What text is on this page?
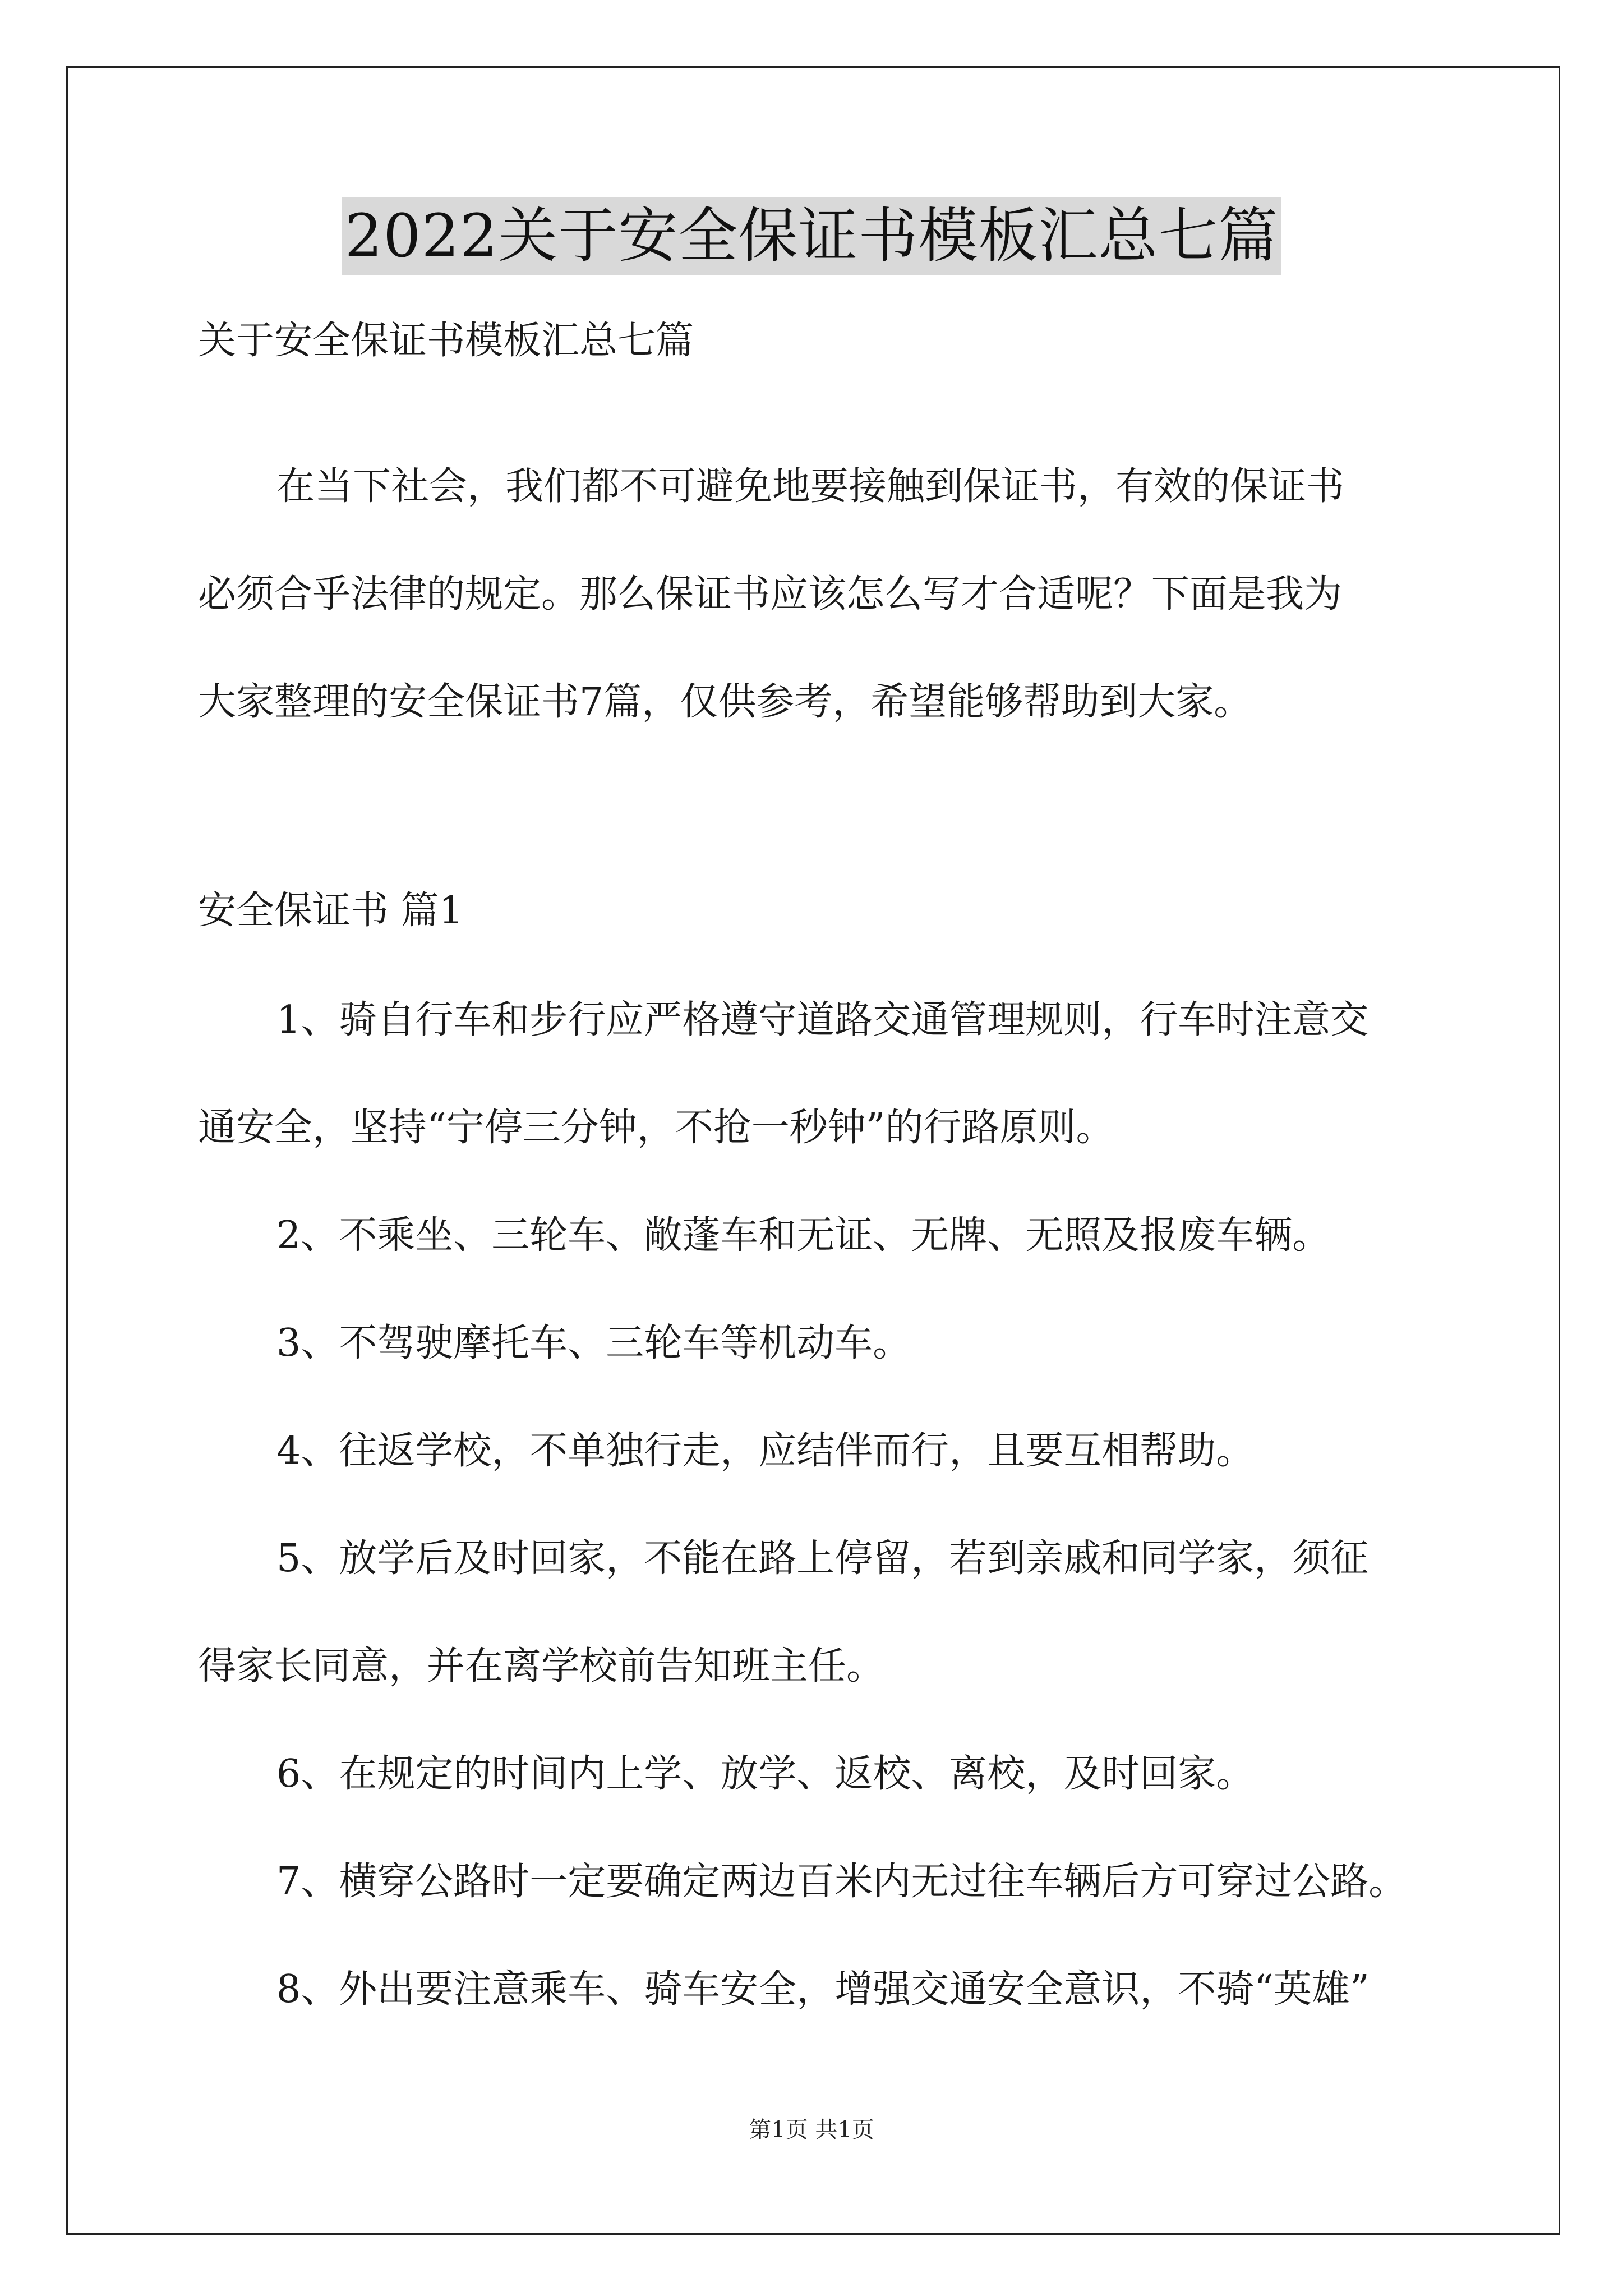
2022关于安全保证书模板汇总七篇
关于安全保证书模板汇总七篇
在当下社会，我们都不可避免地要接触到保证书，有效的保证书
必须合乎法律的规定。那么保证书应该怎么写才合适呢？下面是我为
大家整理的安全保证书7篇，仅供参考，希望能够帮助到大家。
安全保证书 篇1
1、骑自行车和步行应严格遵守道路交通管理规则，行车时注意交
通安全，坚持“宁停三分钟，不抢一秒钟”的行路原则。
2、不乘坐、三轮车、敞蓬车和无证、无牌、无照及报废车辆。
3、不驾驶摩托车、三轮车等机动车。
4、往返学校，不单独行走，应结伴而行，且要互相帮助。
5、放学后及时回家，不能在路上停留，若到亲戚和同学家，须征
得家长同意，并在离学校前告知班主任。
6、在规定的时间内上学、放学、返校、离校，及时回家。
7、横穿公路时一定要确定两边百米内无过往车辆后方可穿过公路。
8、外出要注意乘车、骑车安全，增强交通安全意识，不骑“英雄”
第1页 共1页
